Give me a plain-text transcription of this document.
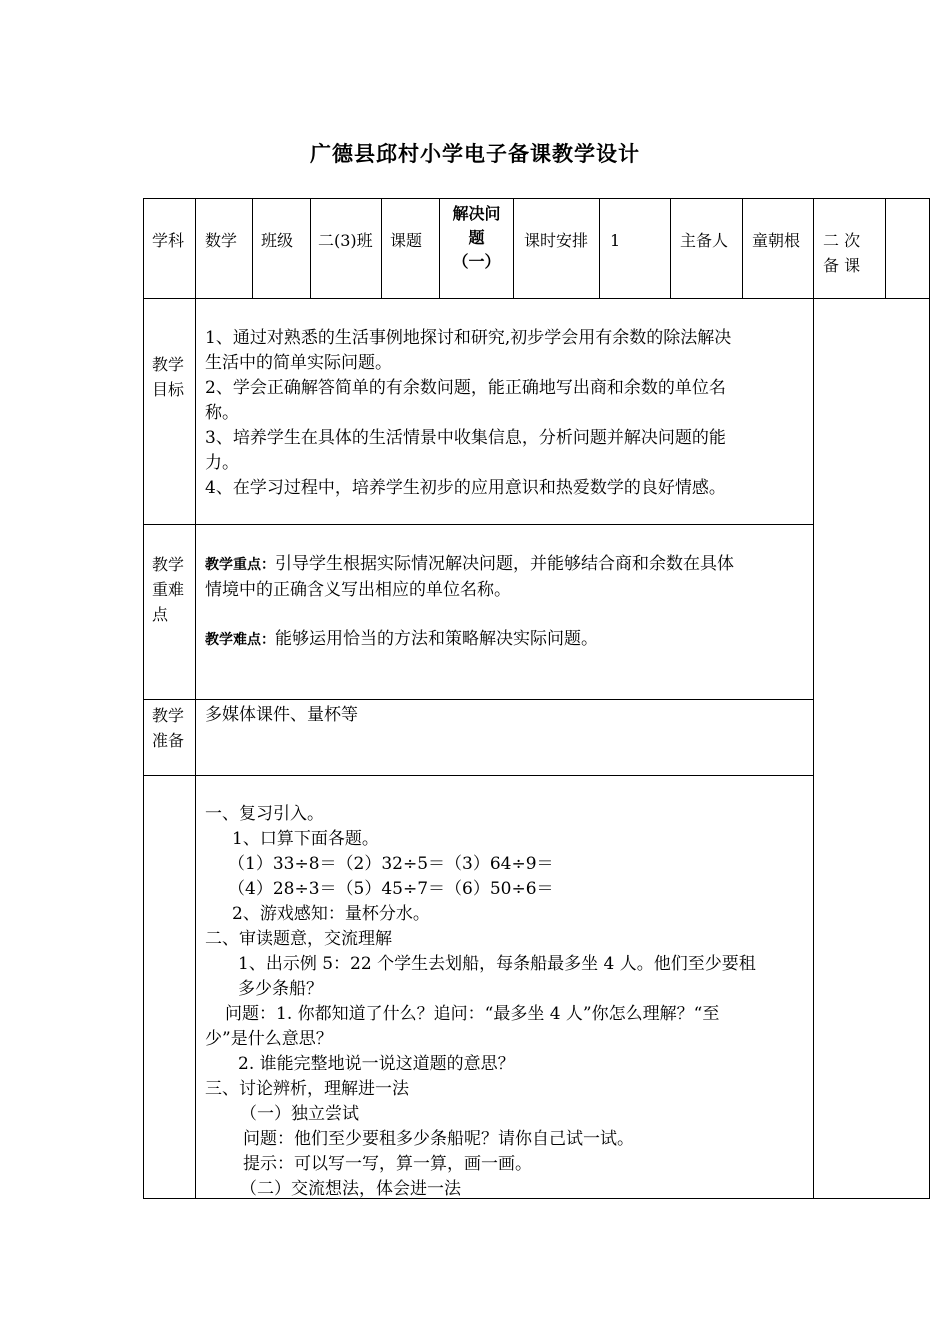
广德县邱村小学电子备课教学设计
学科 数学 班级 二(3)班 课题
解决问
题
（一）
课时安排 1	主备人 童朝根 二 次
备 课
教学
目标

1、通过对熟悉的生活事例地探讨和研究,初步学会用有余数的除法解决

生活中的简单实际问题。

2、学会正确解答简单的有余数问题，能正确地写出商和余数的单位名

称。

3、培养学生在具体的生活情景中收集信息，分析问题并解决问题的能

力。

4、在学习过程中，培养学生初步的应用意识和热爱数学的良好情感。

教学
重难
点

教学重点：引导学生根据实际情况解决问题，并能够结合商和余数在具体

情境中的正确含义写出相应的单位名称。

教学难点：能够运用恰当的方法和策略解决实际问题。

教学
准备
多媒体课件、量杯等

一、复习引入。

1、口算下面各题。

（1）33÷8＝（2）32÷5＝（3）64÷9＝

（4）28÷3＝（5）45÷7＝（6）50÷6＝

2、游戏感知：量杯分水。

二、审读题意，交流理解

1、出示例 5：22 个学生去划船，每条船最多坐 4 人。他们至少要租

多少条船？

问题：1. 你都知道了什么？追问：“最多坐 4 人”你怎么理解？“至

少”是什么意思？

2. 谁能完整地说一说这道题的意思？

三、讨论辨析，理解进一法

（一）独立尝试

问题：他们至少要租多少条船呢？请你自己试一试。

提示：可以写一写，算一算，画一画。

（二）交流想法，体会进一法
